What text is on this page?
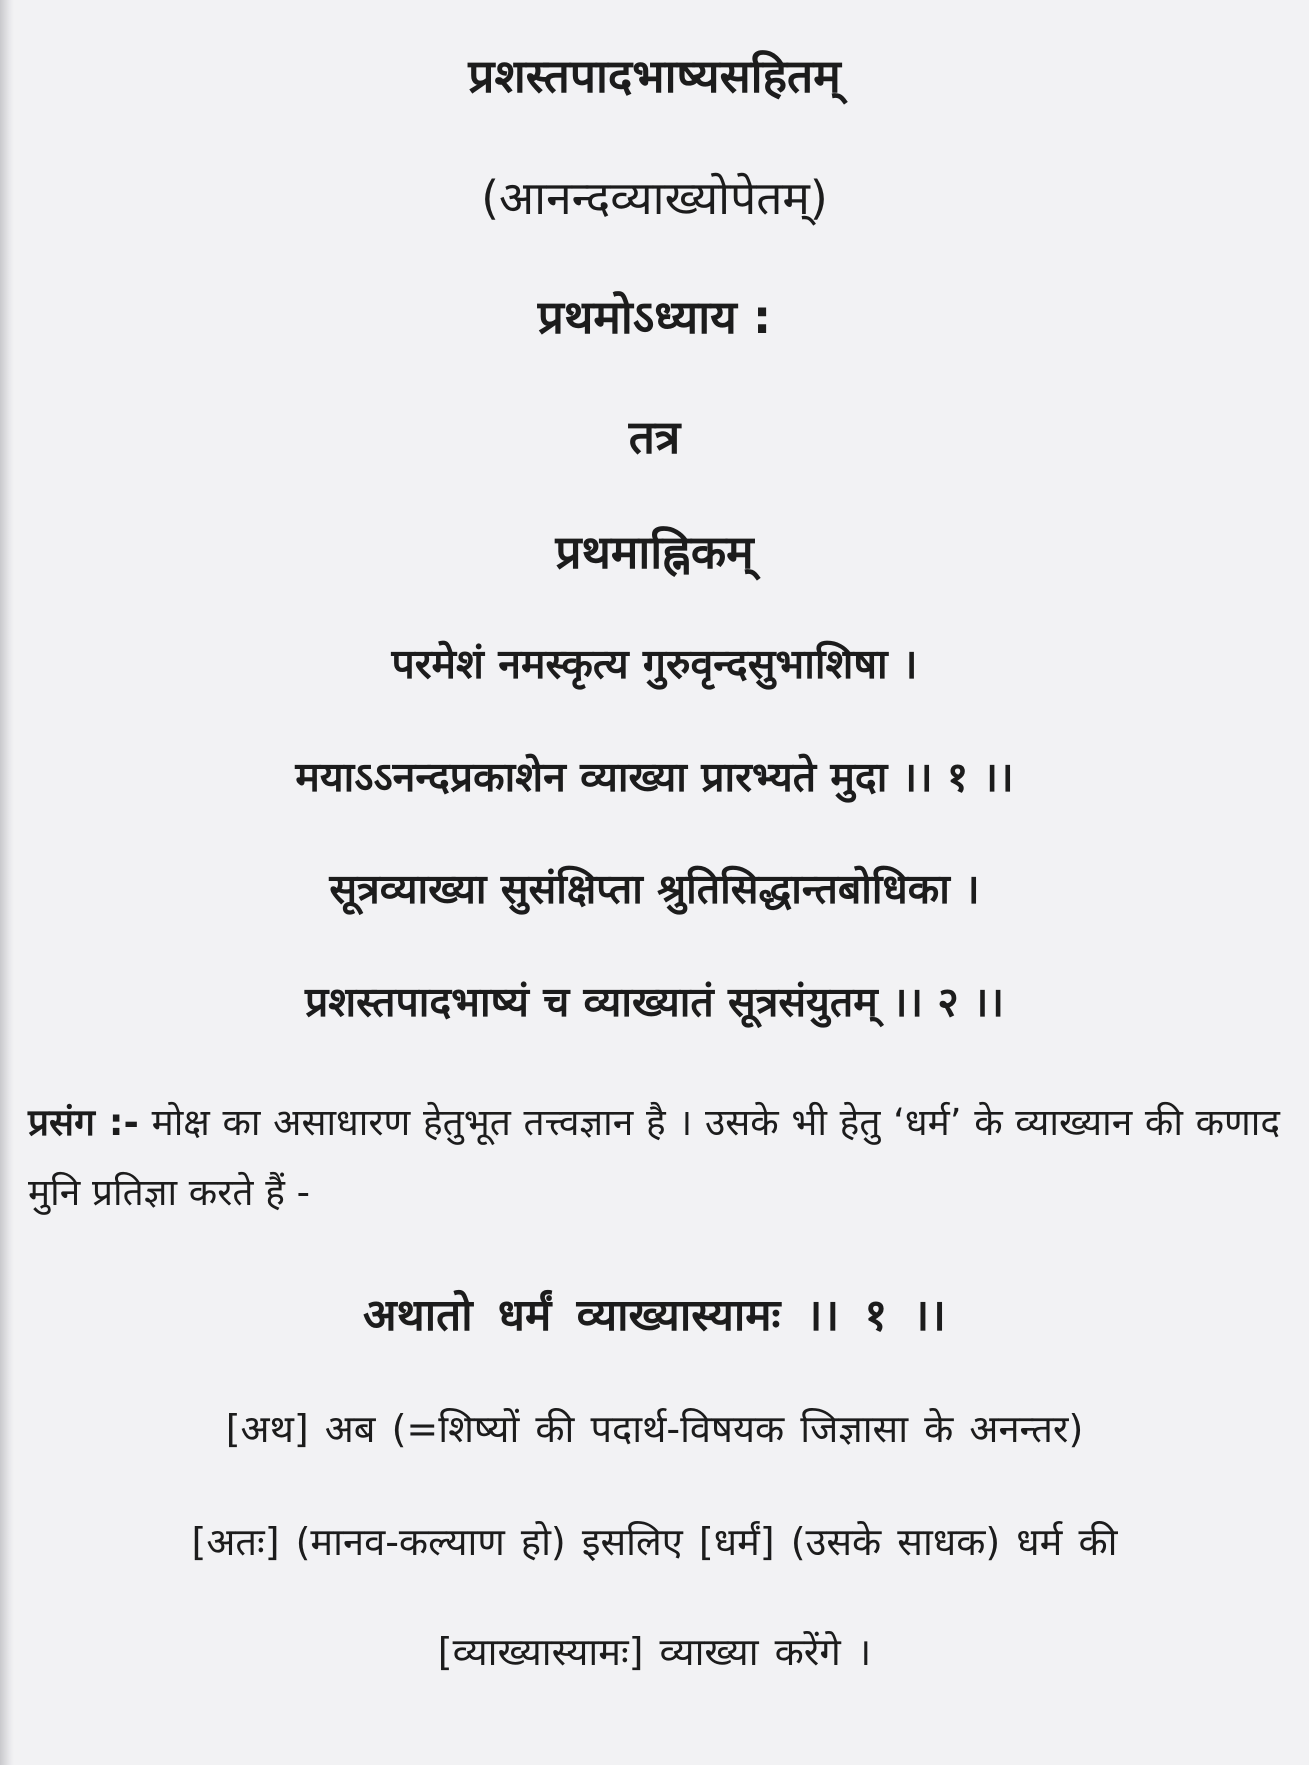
प्रशस्तपादभाष्यसहितम्
(आनन्दव्याख्योपेतम्)
प्रथमोऽध्याय :
तत्र
प्रथमाह्निकम्
परमेशं नमस्कृत्य गुरुवृन्दसुभाशिषा ।
मयाऽऽनन्दप्रकाशेन व्याख्या प्रारभ्यते मुदा ।। १ ।।
सूत्रव्याख्या सुसंक्षिप्ता श्रुतिसिद्धान्तबोधिका ।
प्रशस्तपादभाष्यं च व्याख्यातं सूत्रसंयुतम् ।। २ ।।
प्रसंग :- मोक्ष का असाधारण हेतुभूत तत्त्वज्ञान है । उसके भी हेतु ‘धर्म’ के व्याख्यान की कणाद मुनि प्रतिज्ञा करते हैं -
अथातो धर्मं व्याख्यास्यामः ।। १ ।।
[अथ] अब (=शिष्यों की पदार्थ-विषयक जिज्ञासा के अनन्तर)
[अतः] (मानव-कल्याण हो) इसलिए [धर्मं] (उसके साधक) धर्म की
[व्याख्यास्यामः] व्याख्या करेंगे ।
